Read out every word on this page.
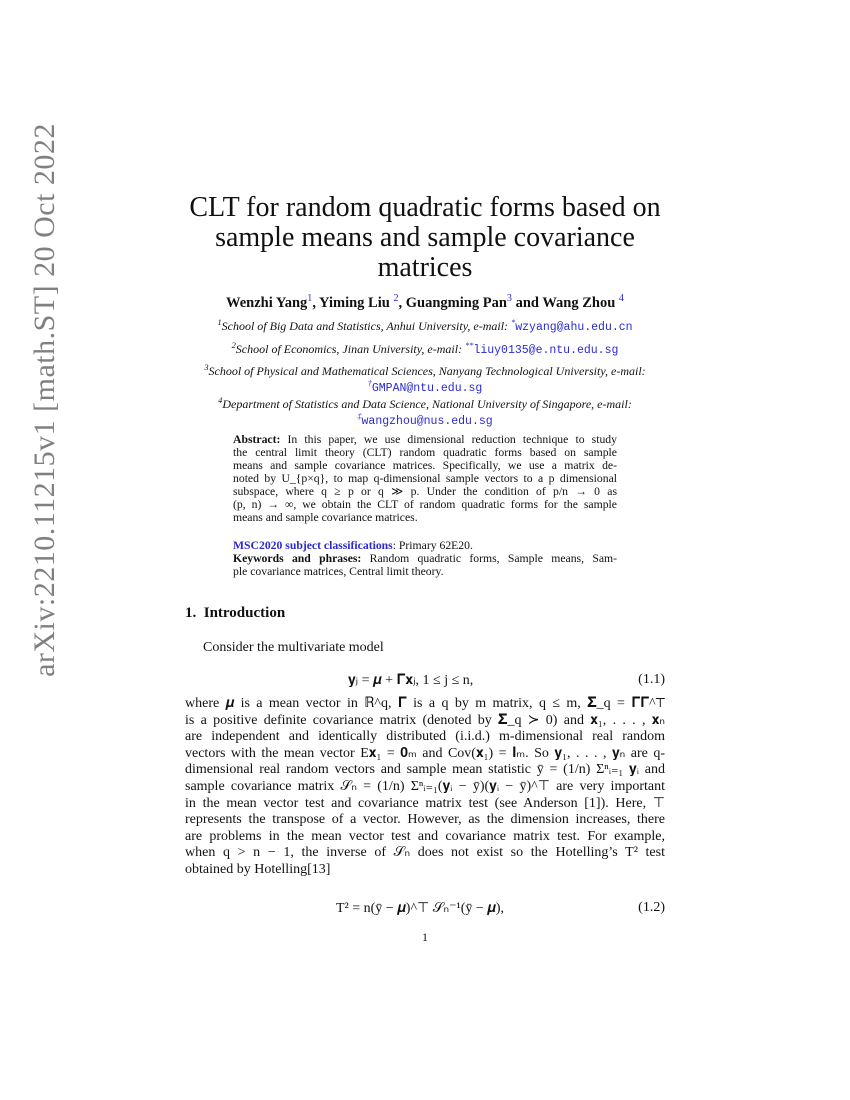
arXiv:2210.11215v1 [math.ST] 20 Oct 2022	CLT for random quadratic forms based on
sample means and sample covariance
matrices
Wenzhi Yang$^1$, Yiming Liu $^2$, Guangming Pan$^3$ and Wang Zhou $^4$
$^1$School of Big Data and Statistics, Anhui University, e-mail: *wzyang@ahu.edu.cn
$^2$School of Economics, Jinan University, e-mail: **liuy0135@e.ntu.edu.sg
$^3$School of Physical and Mathematical Sciences, Nanyang Technological University, e-mail:
†GMPAN@ntu.edu.sg
$^4$Department of Statistics and Data Science, National University of Singapore, e-mail:
‡wangzhou@nus.edu.sg
Abstract: In this paper, we use dimensional reduction technique to study
the central limit theory (CLT) random quadratic forms based on sample
means and sample covariance matrices. Specifically, we use a matrix de-
noted by U_{p×q}, to map q-dimensional sample vectors to a p dimensional
subspace, where q ≥ p or q ≫ p. Under the condition of p/n → 0 as
(p, n) → ∞, we obtain the CLT of random quadratic forms for the sample
means and sample covariance matrices.
MSC2020 subject classifications: Primary 62E20.
Keywords and phrases: Random quadratic forms, Sample means, Sam-
ple covariance matrices, Central limit theory.
1. Introduction
Consider the multivariate model
𝐲ⱼ = 𝝁 + 𝚪𝐱ⱼ, 1 ≤ j ≤ n,	(1.1)
where 𝝁 is a mean vector in ℝ^q, 𝚪 is a q by m matrix, q ≤ m, 𝚺_q = 𝚪𝚪^⊤
is a positive definite covariance matrix (denoted by 𝚺_q ≻ 0) and 𝐱₁, . . . , 𝐱ₙ
are independent and identically distributed (i.i.d.) m-dimensional real random
vectors with the mean vector E𝐱₁ = 𝟎ₘ and Cov(𝐱₁) = 𝐈ₘ. So 𝐲₁, . . . , 𝐲ₙ are q-
dimensional real random vectors and sample mean statistic ȳ = (1/n) Σⁿᵢ₌₁ 𝐲ᵢ and
sample covariance matrix 𝒮ₙ = (1/n) Σⁿᵢ₌₁(𝐲ᵢ − ȳ)(𝐲ᵢ − ȳ)^⊤ are very important
in the mean vector test and covariance matrix test (see Anderson [1]). Here, ⊤
represents the transpose of a vector. However, as the dimension increases, there
are problems in the mean vector test and covariance matrix test. For example,
when q > n − 1, the inverse of 𝒮ₙ does not exist so the Hotelling’s T² test
obtained by Hotelling[13]
T² = n(ȳ − 𝝁)^⊤ 𝒮ₙ⁻¹(ȳ − 𝝁),	(1.2)
1
